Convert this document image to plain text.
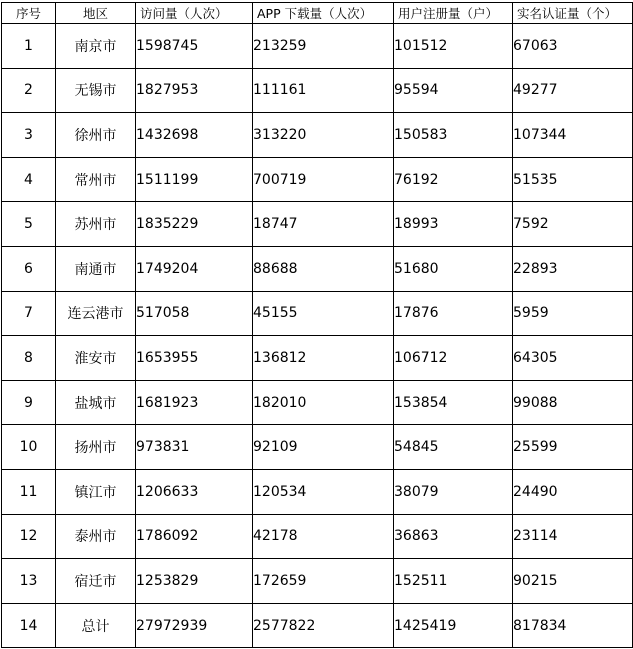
序号	地区	访问量（人次）	APP 下载量（人次）	用户注册量（户）	实名认证量（个）
1	南京市	1598745	213259	101512	67063
2	无锡市	1827953	111161	95594	49277
3	徐州市	1432698	313220	150583	107344
4	常州市	1511199	700719	76192	51535
5	苏州市	1835229	18747	18993	7592
6	南通市	1749204	88688	51680	22893
7	连云港市	517058	45155	17876	5959
8	淮安市	1653955	136812	106712	64305
9	盐城市	1681923	182010	153854	99088
10	扬州市	973831	92109	54845	25599
11	镇江市	1206633	120534	38079	24490
12	泰州市	1786092	42178	36863	23114
13	宿迁市	1253829	172659	152511	90215
14	总计	27972939	2577822	1425419	817834
